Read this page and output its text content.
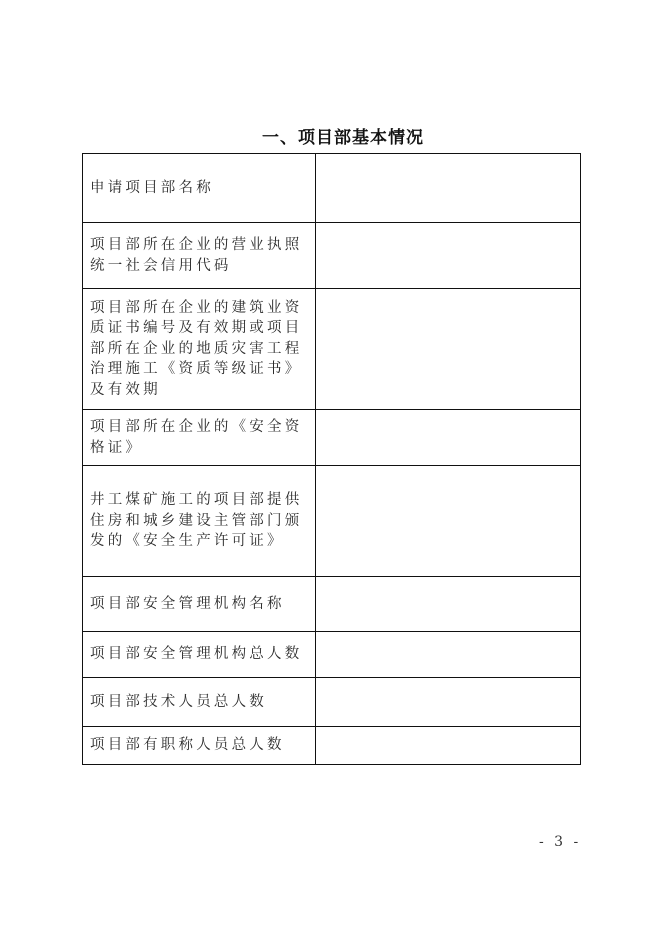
一、项目部基本情况
申请项目部名称	
项目部所在企业的营业执照统一社会信用代码	
项目部所在企业的建筑业资质证书编号及有效期或项目部所在企业的地质灾害工程治理施工《资质等级证书》及有效期	
项目部所在企业的《安全资格证》	
井工煤矿施工的项目部提供住房和城乡建设主管部门颁发的《安全生产许可证》	
项目部安全管理机构名称	
项目部安全管理机构总人数	
项目部技术人员总人数	
项目部有职称人员总人数	
- 3 -
